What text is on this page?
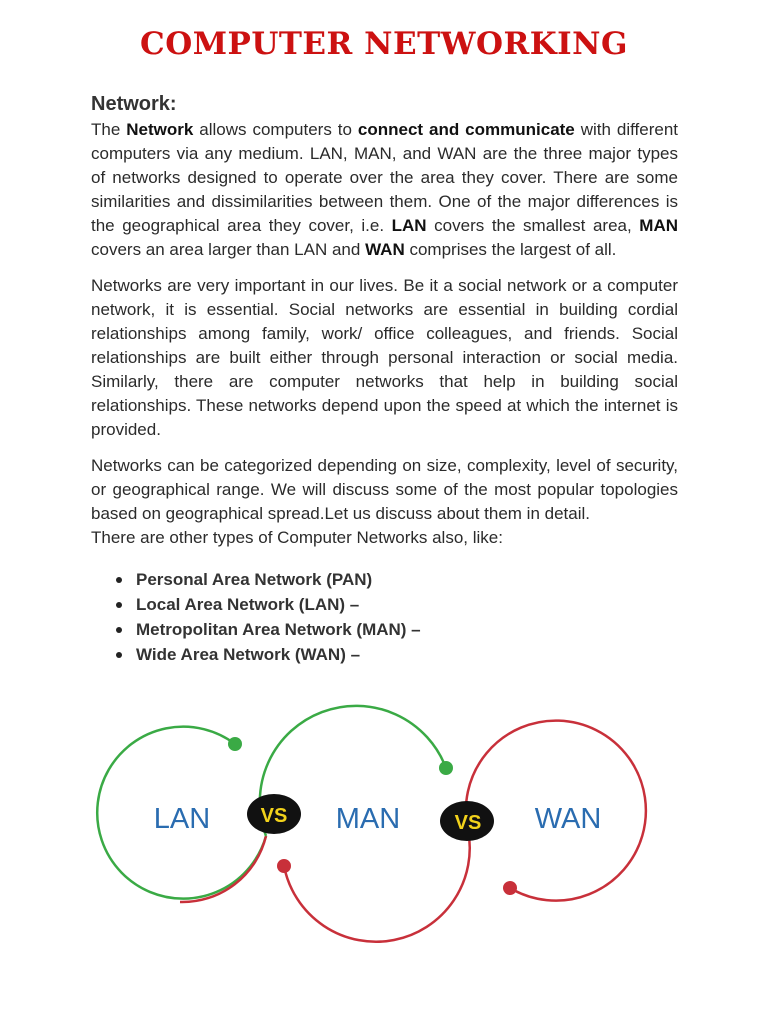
COMPUTER NETWORKING
Network:

The Network allows computers to connect and communicate with different computers via any medium. LAN, MAN, and WAN are the three major types of networks designed to operate over the area they cover. There are some similarities and dissimilarities between them. One of the major differences is the geographical area they cover, i.e. LAN covers the smallest area, MAN covers an area larger than LAN and WAN comprises the largest of all.

Networks are very important in our lives. Be it a social network or a computer network, it is essential. Social networks are essential in building cordial relationships among family, work/ office colleagues, and friends. Social relationships are built either through personal interaction or social media. Similarly, there are computer networks that help in building social relationships. These networks depend upon the speed at which the internet is provided.

Networks can be categorized depending on size, complexity, level of security, or geographical range. We will discuss some of the most popular topologies based on geographical spread.Let us discuss about them in detail.

There are other types of Computer Networks also, like:

Personal Area Network (PAN)
Local Area Network (LAN) –
Metropolitan Area Network (MAN) –
Wide Area Network (WAN) –
LAN	MAN	WAN
VS	VS
